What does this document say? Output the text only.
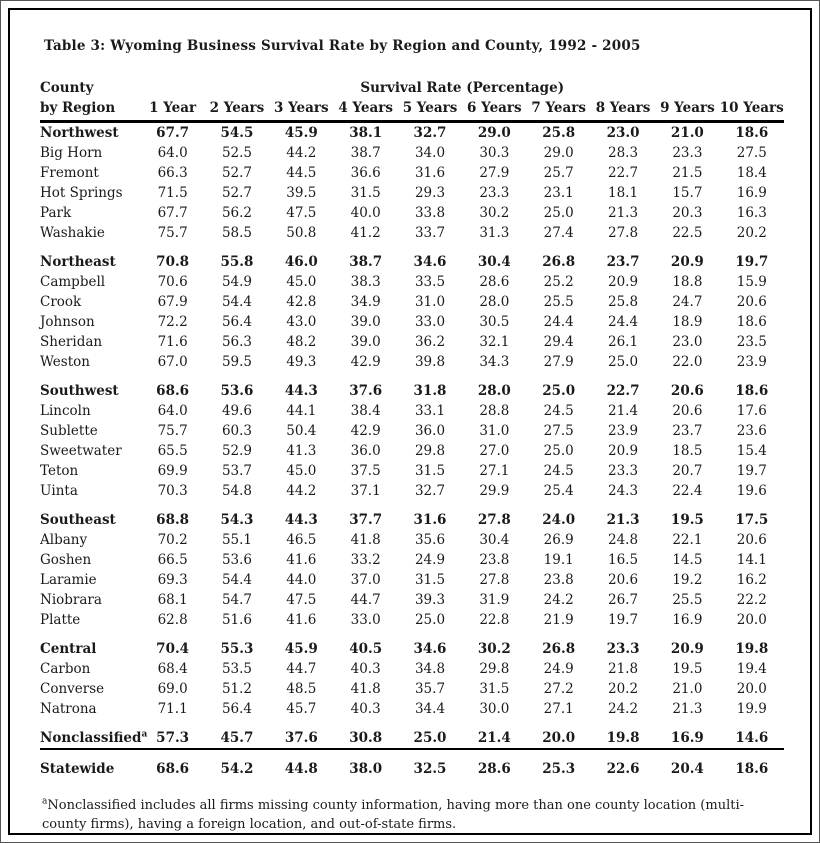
Table 3: Wyoming Business Survival Rate by Region and County, 1992 - 2005
County	Survival Rate (Percentage)									
by Region	1 Year	2 Years	3 Years	4 Years	5 Years	6 Years	7 Years	8 Years	9 Years	10 Years
Northwest	67.7	54.5	45.9	38.1	32.7	29.0	25.8	23.0	21.0	18.6
Big Horn	64.0	52.5	44.2	38.7	34.0	30.3	29.0	28.3	23.3	27.5
Fremont	66.3	52.7	44.5	36.6	31.6	27.9	25.7	22.7	21.5	18.4
Hot Springs	71.5	52.7	39.5	31.5	29.3	23.3	23.1	18.1	15.7	16.9
Park	67.7	56.2	47.5	40.0	33.8	30.2	25.0	21.3	20.3	16.3
Washakie	75.7	58.5	50.8	41.2	33.7	31.3	27.4	27.8	22.5	20.2

Northeast	70.8	55.8	46.0	38.7	34.6	30.4	26.8	23.7	20.9	19.7
Campbell	70.6	54.9	45.0	38.3	33.5	28.6	25.2	20.9	18.8	15.9
Crook	67.9	54.4	42.8	34.9	31.0	28.0	25.5	25.8	24.7	20.6
Johnson	72.2	56.4	43.0	39.0	33.0	30.5	24.4	24.4	18.9	18.6
Sheridan	71.6	56.3	48.2	39.0	36.2	32.1	29.4	26.1	23.0	23.5
Weston	67.0	59.5	49.3	42.9	39.8	34.3	27.9	25.0	22.0	23.9

Southwest	68.6	53.6	44.3	37.6	31.8	28.0	25.0	22.7	20.6	18.6
Lincoln	64.0	49.6	44.1	38.4	33.1	28.8	24.5	21.4	20.6	17.6
Sublette	75.7	60.3	50.4	42.9	36.0	31.0	27.5	23.9	23.7	23.6
Sweetwater	65.5	52.9	41.3	36.0	29.8	27.0	25.0	20.9	18.5	15.4
Teton	69.9	53.7	45.0	37.5	31.5	27.1	24.5	23.3	20.7	19.7
Uinta	70.3	54.8	44.2	37.1	32.7	29.9	25.4	24.3	22.4	19.6

Southeast	68.8	54.3	44.3	37.7	31.6	27.8	24.0	21.3	19.5	17.5
Albany	70.2	55.1	46.5	41.8	35.6	30.4	26.9	24.8	22.1	20.6
Goshen	66.5	53.6	41.6	33.2	24.9	23.8	19.1	16.5	14.5	14.1
Laramie	69.3	54.4	44.0	37.0	31.5	27.8	23.8	20.6	19.2	16.2
Niobrara	68.1	54.7	47.5	44.7	39.3	31.9	24.2	26.7	25.5	22.2
Platte	62.8	51.6	41.6	33.0	25.0	22.8	21.9	19.7	16.9	20.0

Central	70.4	55.3	45.9	40.5	34.6	30.2	26.8	23.3	20.9	19.8
Carbon	68.4	53.5	44.7	40.3	34.8	29.8	24.9	21.8	19.5	19.4
Converse	69.0	51.2	48.5	41.8	35.7	31.5	27.2	20.2	21.0	20.0
Natrona	71.1	56.4	45.7	40.3	34.4	30.0	27.1	24.2	21.3	19.9

Nonclassified$^a$	57.3	45.7	37.6	30.8	25.0	21.4	20.0	19.8	16.9	14.6

Statewide	68.6	54.2	44.8	38.0	32.5	28.6	25.3	22.6	20.4	18.6

$^a$Nonclassified includes all firms missing county information, having more than one county location (multi-county firms), having a foreign location, and out-of-state firms.
